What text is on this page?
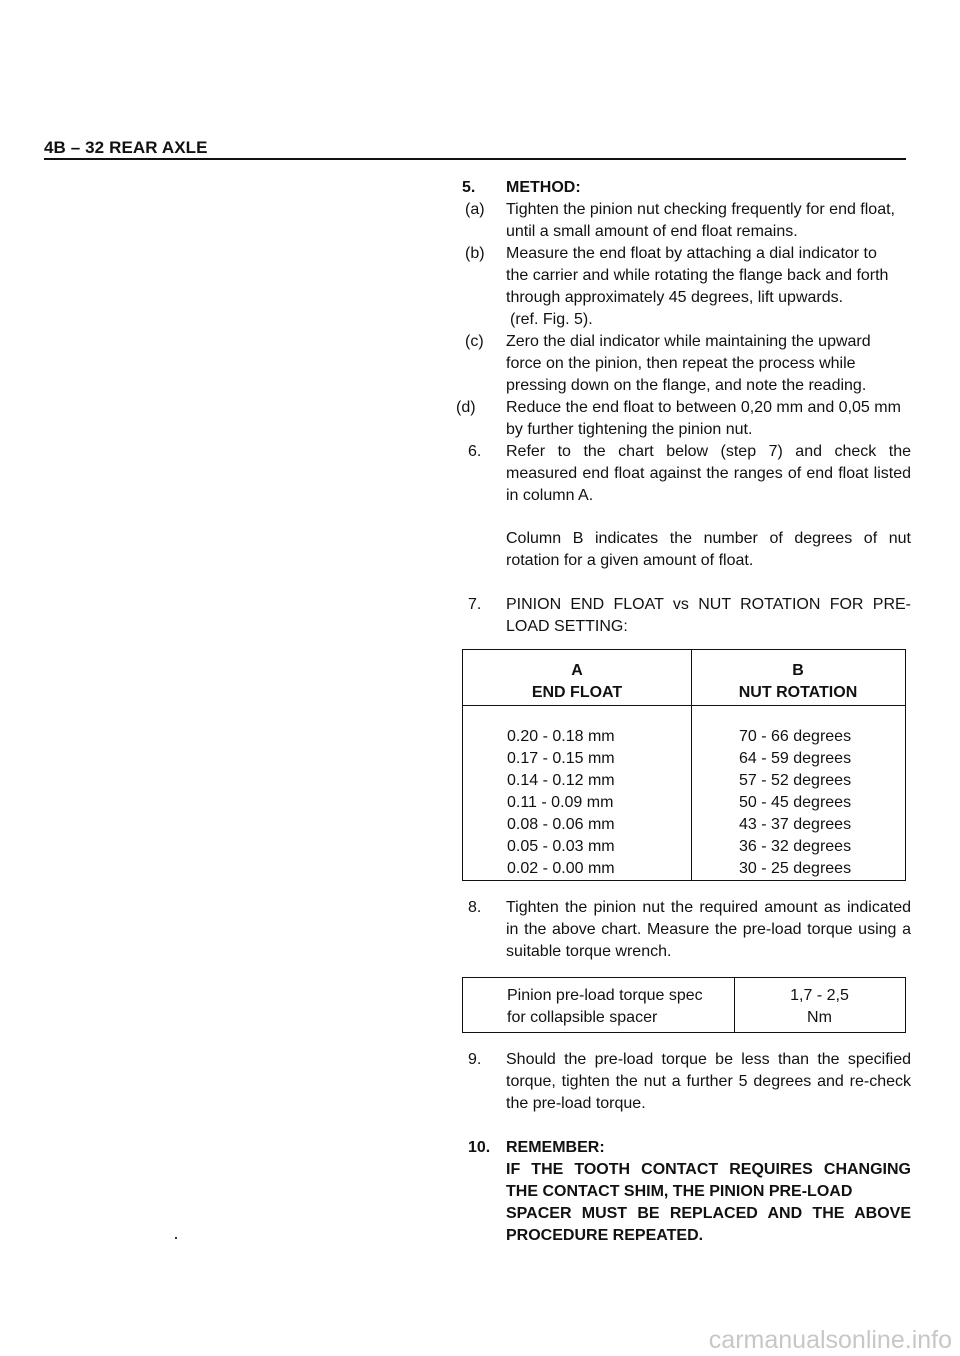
4B – 32 REAR AXLE
5. METHOD:
(a) Tighten the pinion nut checking frequently for end float,
until a small amount of end float remains.
(b) Measure the end float by attaching a dial indicator to
the carrier and while rotating the flange back and forth
through approximately 45 degrees, lift upwards.
(ref. Fig. 5).
(c) Zero the dial indicator while maintaining the upward
force on the pinion, then repeat the process while
pressing down on the flange, and note the reading.
(d) Reduce the end float to between 0,20 mm and 0,05 mm
by further tightening the pinion nut.
6. Refer to the chart below (step 7) and check the measured end float against the ranges of end float listed in column A.
Column B indicates the number of degrees of nut rotation for a given amount of float.
7. PINION END FLOAT vs NUT ROTATION FOR PRE-LOAD SETTING:
A
END FLOAT
B
NUT ROTATION
0.20 - 0.18 mm
0.17 - 0.15 mm
0.14 - 0.12 mm
0.11 - 0.09 mm
0.08 - 0.06 mm
0.05 - 0.03 mm
0.02 - 0.00 mm
70 - 66 degrees
64 - 59 degrees
57 - 52 degrees
50 - 45 degrees
43 - 37 degrees
36 - 32 degrees
30 - 25 degrees
8. Tighten the pinion nut the required amount as indicated in the above chart. Measure the pre-load torque using a suitable torque wrench.
Pinion pre-load torque spec
for collapsible spacer
1,7 - 2,5
Nm
9. Should the pre-load torque be less than the specified torque, tighten the nut a further 5 degrees and re-check the pre-load torque.
10. REMEMBER:
IF THE TOOTH CONTACT REQUIRES CHANGING
THE CONTACT SHIM, THE PINION PRE-LOAD
SPACER MUST BE REPLACED AND THE ABOVE
PROCEDURE REPEATED.
carmanualsonline.info
